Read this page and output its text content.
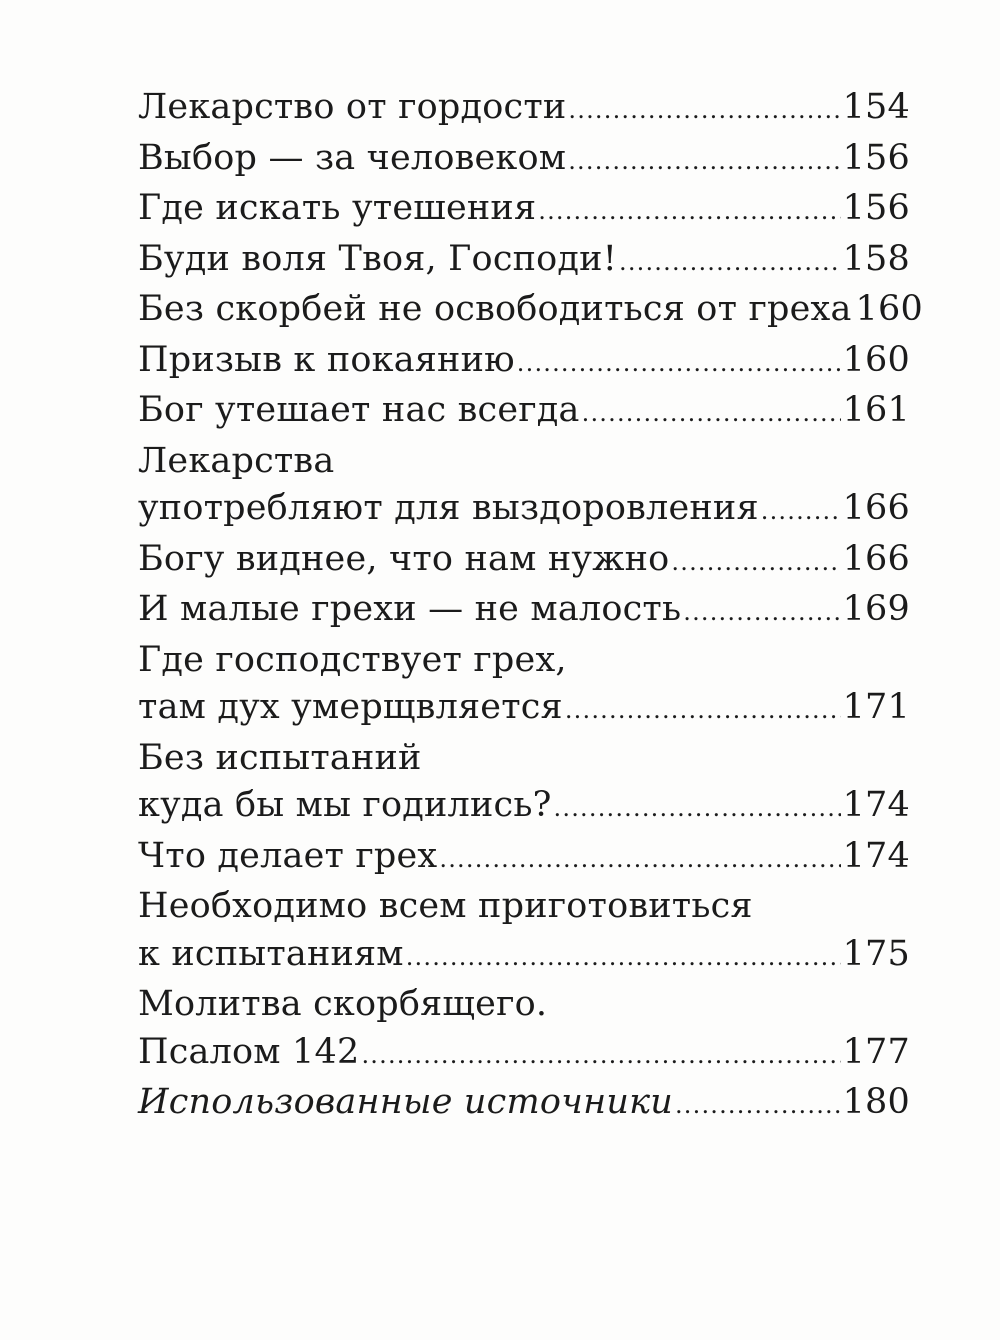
Лекарство от гордости .....	154
Выбор — за человеком .....	156
Где искать утешения .....	156
Буди воля Твоя, Господи! .....	158
Без скорбей не освободиться от греха 160
Призыв к покаянию .....	160
Бог утешает нас всегда .....	161
Лекарства
употребляют для выздоровления ..... 166
Богу виднее, что нам нужно .....	166
И малые грехи — не малость .....	169
Где господствует грех,
там дух умерщвляется .....	171
Без испытаний
куда бы мы годились? .....	174
Что делает грех .....	174
Необходимо всем приготовиться
к испытаниям .....	175
Молитва скорбящего.
Псалом 142 .....	177
Использованные источники .....	180
